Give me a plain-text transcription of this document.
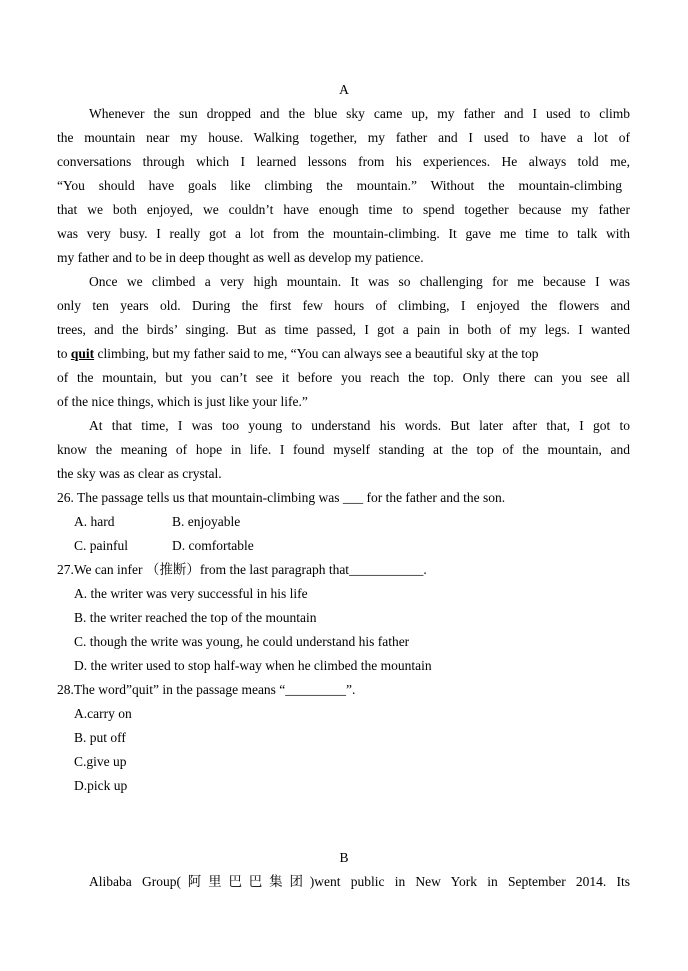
A
Whenever the sun dropped and the blue sky came up, my father and I used to climb
the mountain near my house. Walking together, my father and I used to have a lot of
conversations through which I learned lessons from his experiences. He always told me,
“You should have goals like climbing the mountain.” Without the mountain-climbing
that we both enjoyed, we couldn’t have enough time to spend together because my father
was very busy. I really got a lot from the mountain-climbing. It gave me time to talk with
my father and to be in deep thought as well as develop my patience.
Once we climbed a very high mountain. It was so challenging for me because I was
only ten years old. During the first few hours of climbing, I enjoyed the flowers and
trees, and the birds’ singing. But as time passed, I got a pain in both of my legs. I wanted
to quit climbing, but my father said to me, “You can always see a beautiful sky at the top
of the mountain, but you can’t see it before you reach the top. Only there can you see all
of the nice things, which is just like your life.”
At that time, I was too young to understand his words. But later after that, I got to
know the meaning of hope in life. I found myself standing at the top of the mountain, and
the sky was as clear as crystal.
26. The passage tells us that mountain-climbing was ___ for the father and the son.
A. hard	B. enjoyable
C. painful	D. comfortable
27.We can infer （推断）from the last paragraph that___________.
A. the writer was very successful in his life
B. the writer reached the top of the mountain
C. though the write was young, he could understand his father
D. the writer used to stop half-way when he climbed the mountain
28.The word”quit” in the passage means “_________”.
A.carry on
B. put off
C.give up
D.pick up
B
Alibaba Group(阿里巴巴集团)went public in New York in September 2014. Its
